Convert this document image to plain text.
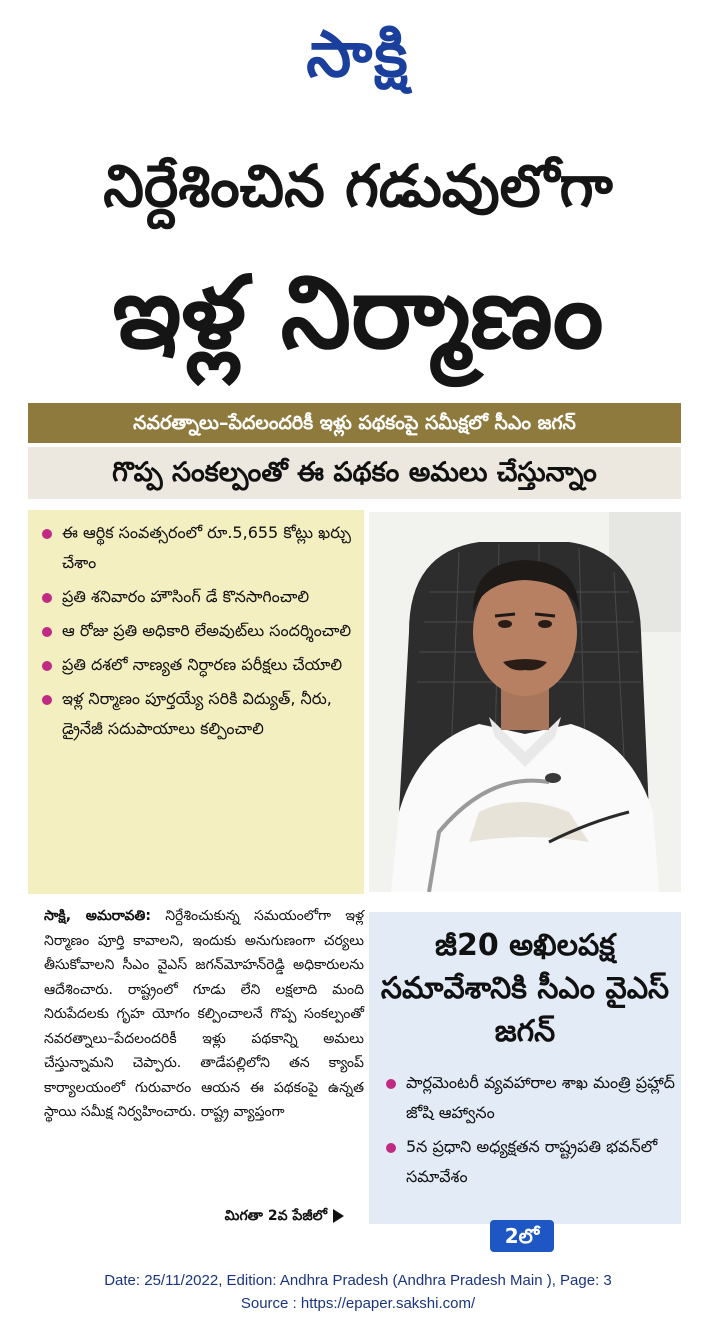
సాక్షి
నిర్దేశించిన గడువులోగా
ఇళ్ల నిర్మాణం
నవరత్నాలు–పేదలందరికీ ఇళ్లు పథకంపై సమీక్షలో సీఎం జగన్
గొప్ప సంకల్పంతో ఈ పథకం అమలు చేస్తున్నాం
ఈ ఆర్థిక సంవత్సరంలో రూ.5,655 కోట్లు ఖర్చు చేశాం
ప్రతి శనివారం హౌసింగ్ డే కొనసాగించాలి
ఆ రోజు ప్రతి అధికారి లేఅవుట్‌లు సందర్శించాలి
ప్రతి దశలో నాణ్యత నిర్ధారణ పరీక్షలు చేయాలి
ఇళ్ల నిర్మాణం పూర్తయ్యే సరికి విద్యుత్, నీరు, డ్రైనేజీ సదుపాయాలు కల్పించాలి

సాక్షి, అమరావతి: నిర్దేశించుకున్న సమయంలోగా ఇళ్ల నిర్మాణం పూర్తి కావాలని, ఇందుకు అనుగుణంగా చర్యలు తీసుకోవాలని సీఎం వైఎస్ జగన్‌మోహన్‌రెడ్డి అధికారులను ఆదేశించారు. రాష్ట్రంలో గూడు లేని లక్షలాది మంది నిరుపేదలకు గృహ యోగం కల్పించాలనే గొప్ప సంకల్పంతో నవరత్నాలు–పేదలందరికీ ఇళ్లు పథకాన్ని అమలు చేస్తున్నామని చెప్పారు. తాడేపల్లిలోని తన క్యాంప్ కార్యాలయంలో గురువారం ఆయన ఈ పథకంపై ఉన్నత స్థాయి సమీక్ష నిర్వహించారు. రాష్ట్ర వ్యాప్తంగా

మిగతా 2వ పేజీలో
జీ20 అఖిలపక్ష సమావేశానికి సీఎం వైఎస్ జగన్
పార్లమెంటరీ వ్యవహారాల శాఖ మంత్రి ప్రహ్లాద్ జోషి ఆహ్వానం
5న ప్రధాని అధ్యక్షతన రాష్ట్రపతి భవన్‌లో సమావేశం
2లో
Date: 25/11/2022, Edition: Andhra Pradesh (Andhra Pradesh Main ), Page: 3
Source : https://epaper.sakshi.com/
